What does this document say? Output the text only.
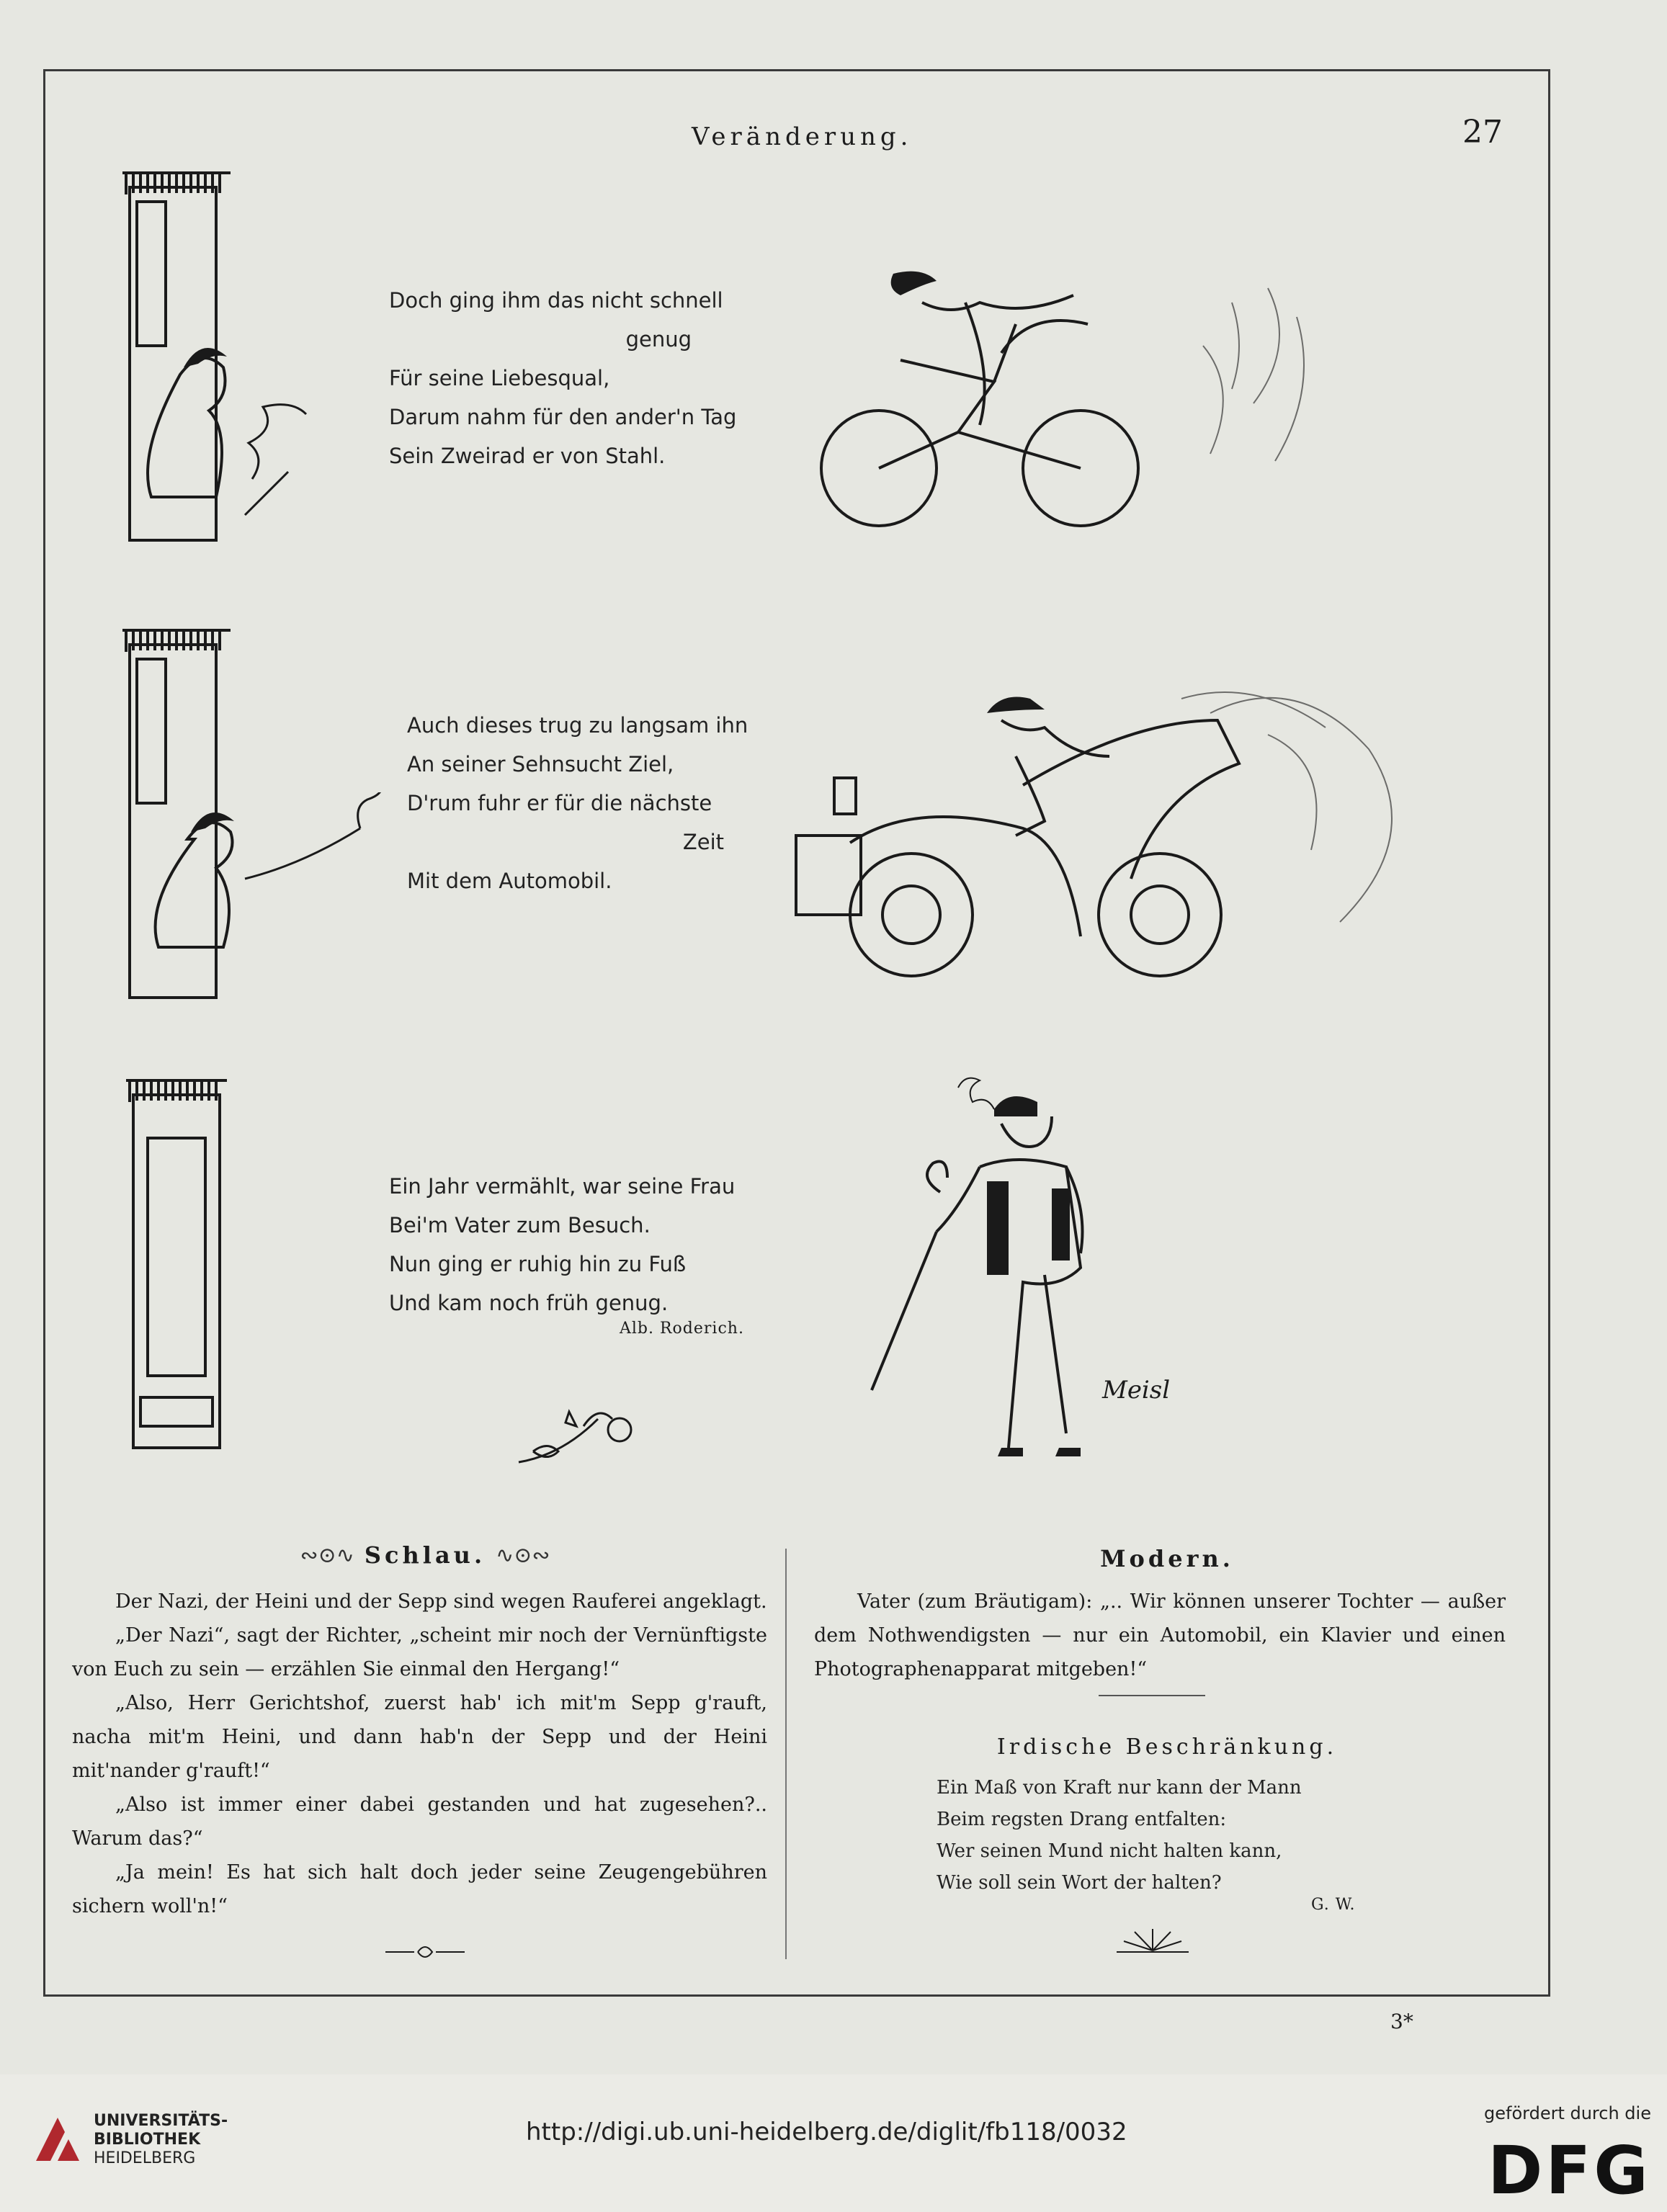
Veränderung.	27
Doch ging ihm das nicht schnell
genug
Für seine Liebesqual,
Darum nahm für den ander'n Tag
Sein Zweirad er von Stahl.
Auch dieses trug zu langsam ihn
An seiner Sehnsucht Ziel,
D'rum fuhr er für die nächste
Zeit
Mit dem Automobil.
Ein Jahr vermählt, war seine Frau
Bei'm Vater zum Besuch.
Nun ging er ruhig hin zu Fuß
Und kam noch früh genug.
Alb. Roderich.
Meisl
∾⊙∿ Schlau. ∿⊙∾

Der Nazi, der Heini und der Sepp sind wegen Rauferei angeklagt.

„Der Nazi“, sagt der Richter, „scheint mir noch der Vernünftigste von Euch zu sein — erzählen Sie einmal den Hergang!“

„Also, Herr Gerichtshof, zuerst hab' ich mit'm Sepp g'rauft, nacha mit'm Heini, und dann hab'n der Sepp und der Heini mit'nander g'rauft!“

„Also ist immer einer dabei gestanden und hat zugesehen?.. Warum das?“

„Ja mein! Es hat sich halt doch jeder seine Zeugengebühren sichern woll'n!“

Modern.

Vater (zum Bräutigam): „.. Wir können unserer Tochter — außer dem Nothwendigsten — nur ein Automobil, ein Klavier und einen Photographenapparat mitgeben!“

Irdische Beschränkung.
Ein Maß von Kraft nur kann der Mann
Beim regsten Drang entfalten:
Wer seinen Mund nicht halten kann,
Wie soll sein Wort der halten?
G. W.
3*
UNIVERSITÄTS-
BIBLIOTHEK
HEIDELBERG
http://digi.ub.uni-heidelberg.de/diglit/fb118/0032
gefördert durch die
DFG
